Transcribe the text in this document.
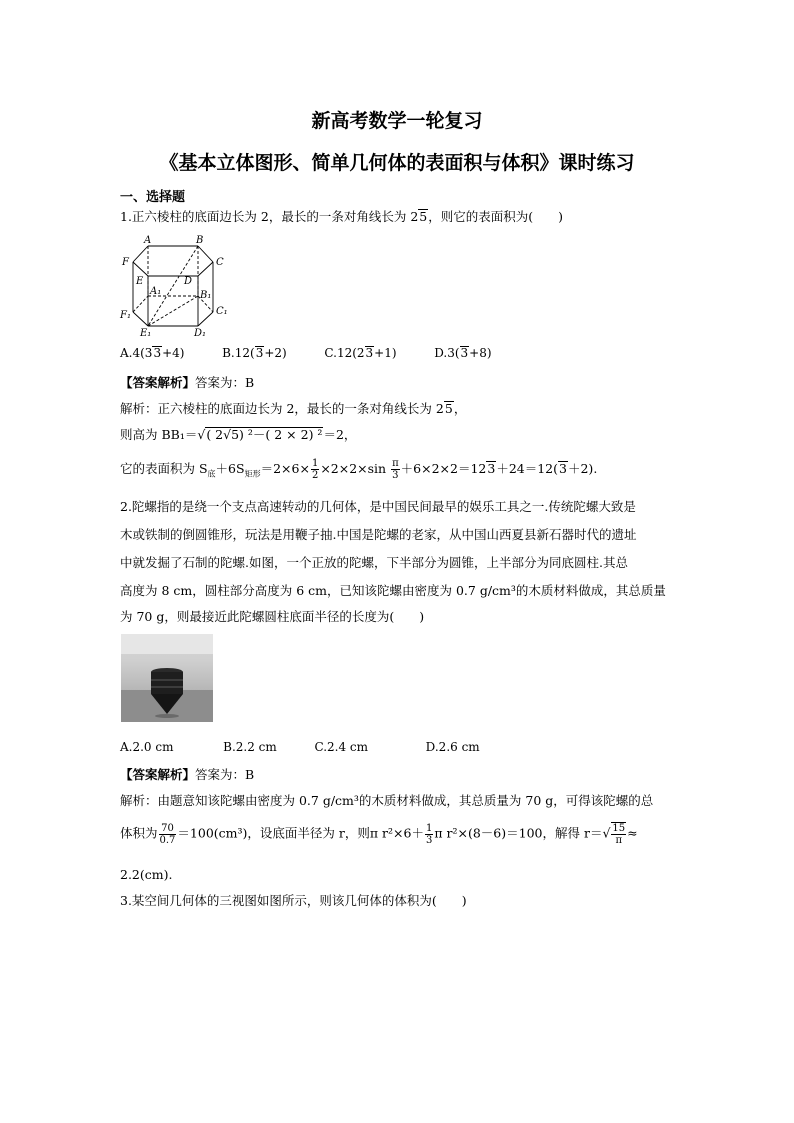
新高考数学一轮复习
《基本立体图形、简单几何体的表面积与体积》课时练习
一、选择题
1.正六棱柱的底面边长为 2，最长的一条对角线长为 25，则它的表面积为(　　)
A	B
F	C
E	D
A₁	B₁
F₁	C₁
E₁	D₁
A.4(33+4)	B.12(3+2)	C.12(23+1)	D.3(3+8)
【答案解析】答案为：B
解析：正六棱柱的底面边长为 2，最长的一条对角线长为 25，
则高为 BB₁＝√( 2√5) ²－( 2 × 2) ²＝2，
它的表面积为 $S_底+6S_{矩形}=2\times 6\times \frac{1}{2} \times 2\times 2\times\sin \frac{\pi}{3} +6\times 2\times 2=123+24=12(3+2)$.
2.陀螺指的是绕一个支点高速转动的几何体，是中国民间最早的娱乐工具之一.传统陀螺大致是
木或铁制的倒圆锥形，玩法是用鞭子抽.中国是陀螺的老家，从中国山西夏县新石器时代的遗址
中就发掘了石制的陀螺.如图，一个正放的陀螺，下半部分为圆锥，上半部分为同底圆柱.其总
高度为 8 cm，圆柱部分高度为 6 cm，已知该陀螺由密度为 0.7 g/cm³的木质材料做成，其总质量
为 70 g，则最接近此陀螺圆柱底面半径的长度为(　　)
A.2.0 cm	B.2.2 cm	C.2.4 cm	D.2.6 cm
【答案解析】答案为：B
解析：由题意知该陀螺由密度为 0.7 g/cm³的木质材料做成，其总质量为 70 g，可得该陀螺的总
体积为 $\frac{70}{0.7} =100(cm^3)$，设底面半径为 r，则π $r^2\times 6+ \frac{1}{3}$ π r²×(8－6)＝100，解得 $r=√ \frac{15}{\pi}$ ≈
2.2(cm).
3.某空间几何体的三视图如图所示，则该几何体的体积为(　　)
